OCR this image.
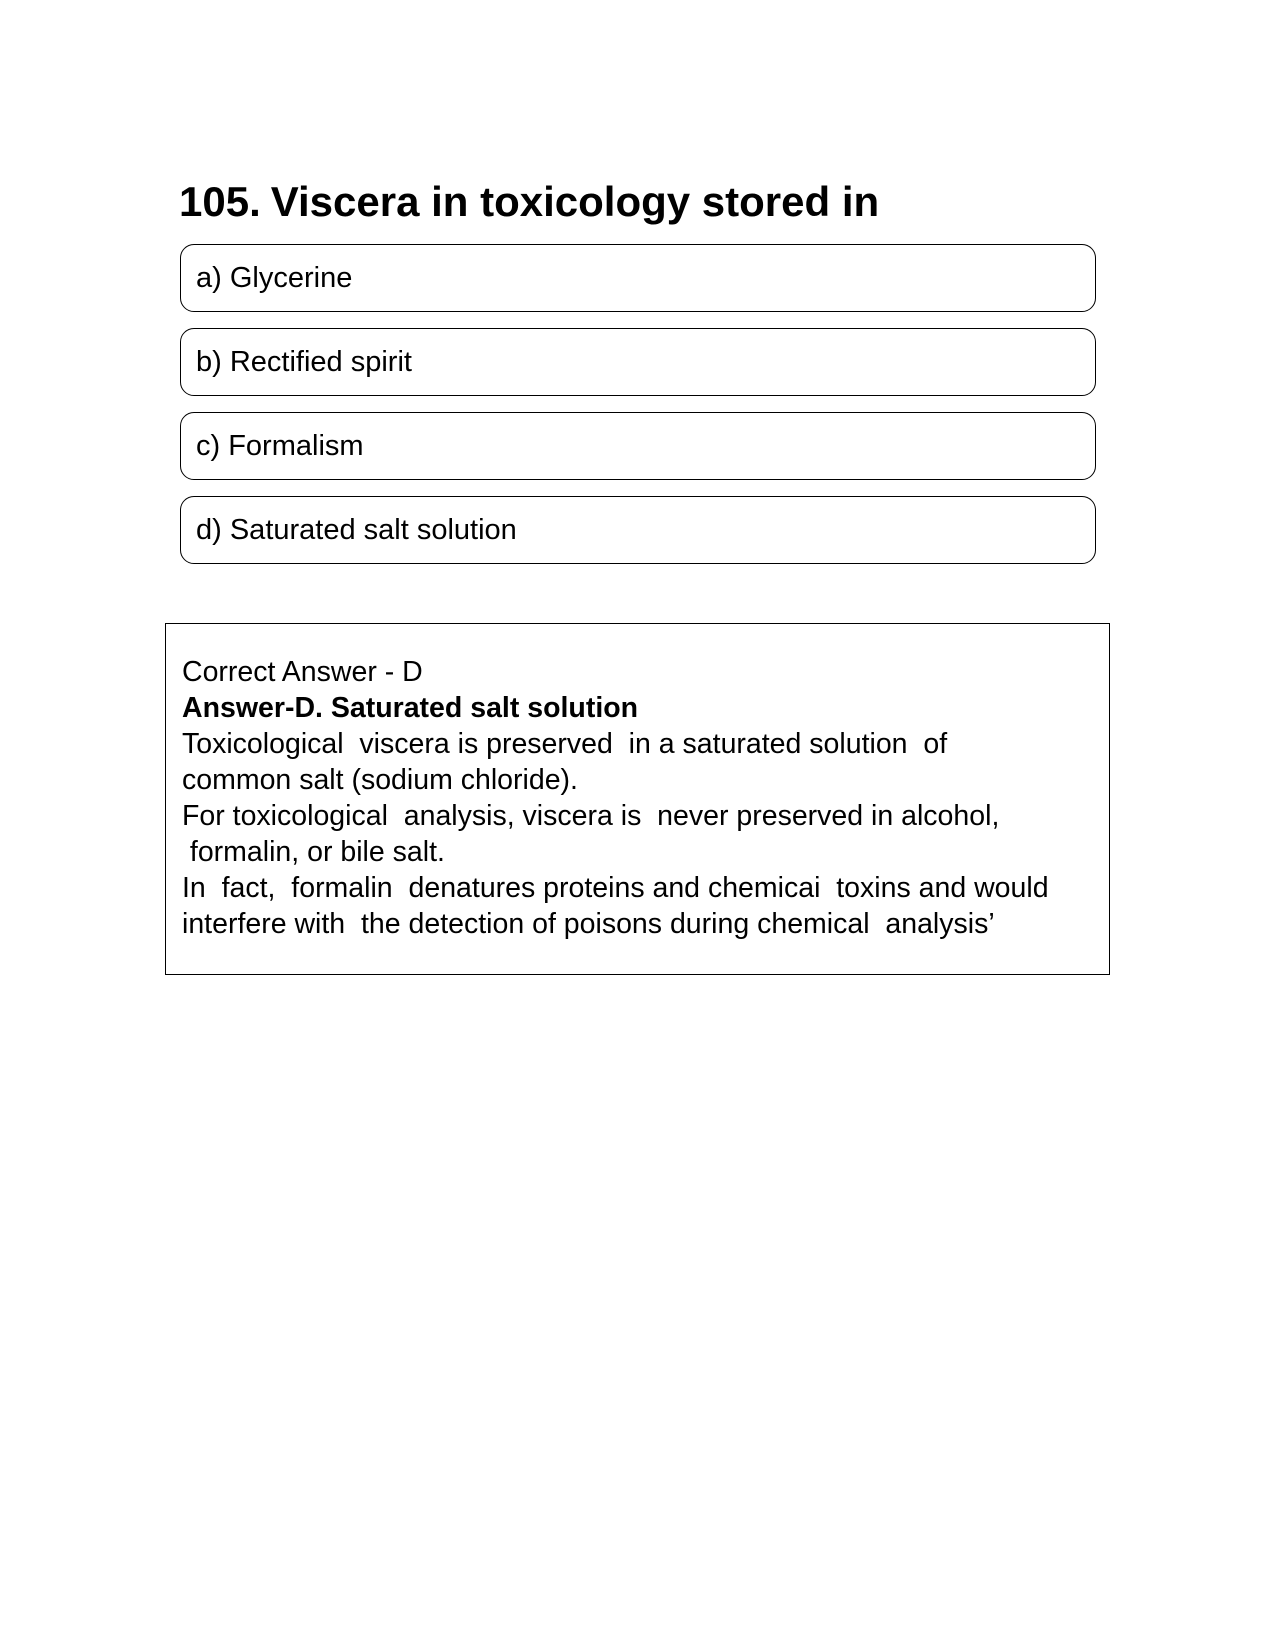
105. Viscera in toxicology stored in
a) Glycerine
b) Rectified spirit
c) Formalism
d) Saturated salt solution
Correct Answer - D
Answer-D. Saturated salt solution
Toxicological  viscera is preserved  in a saturated solution  of
common salt (sodium chloride).
For toxicological  analysis, viscera is  never preserved in alcohol,
formalin, or bile salt.
In  fact,  formalin  denatures proteins and chemicai  toxins and would
interfere with  the detection of poisons during chemical  analysis’
